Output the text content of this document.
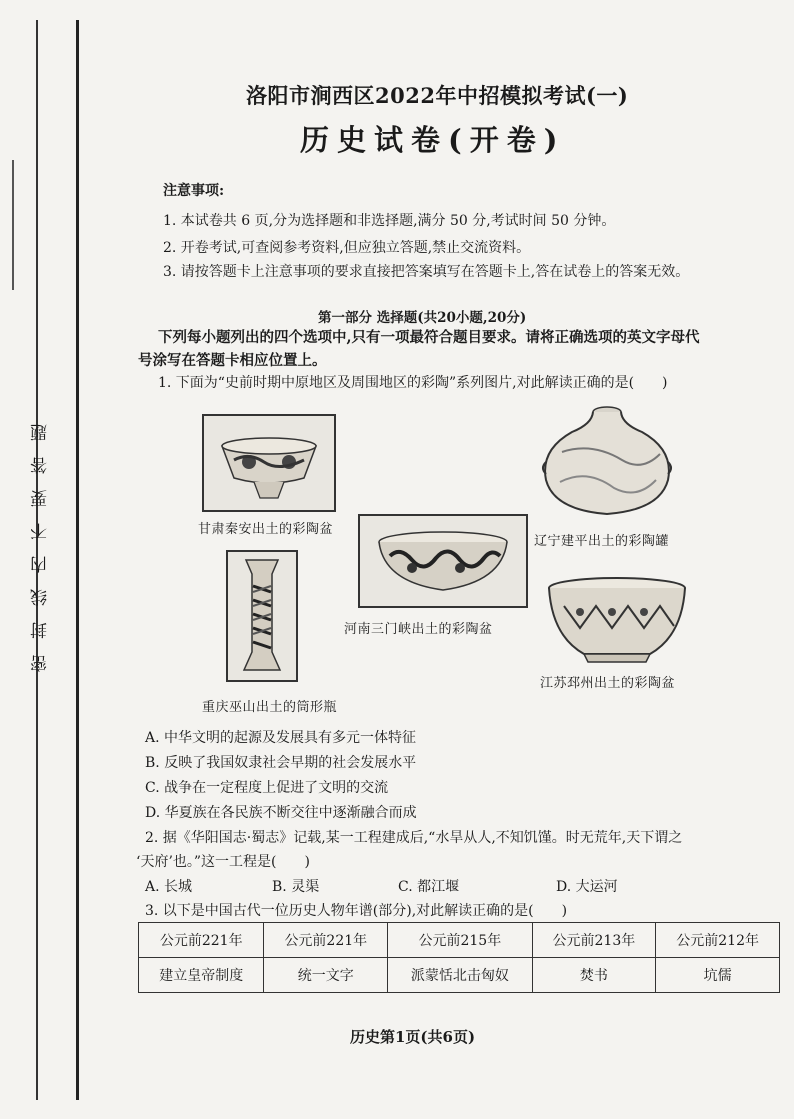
密封线内不要答题
洛阳市涧西区2022年中招模拟考试(一)
历史试卷(开卷)
注意事项:
1. 本试卷共 6 页,分为选择题和非选择题,满分 50 分,考试时间 50 分钟。
2. 开卷考试,可查阅参考资料,但应独立答题,禁止交流资料。
3. 请按答题卡上注意事项的要求直接把答案填写在答题卡上,答在试卷上的答案无效。
第一部分 选择题(共20小题,20分)
下列每小题列出的四个选项中,只有一项最符合题目要求。请将正确选项的英文字母代
号涂写在答题卡相应位置上。
1. 下面为“史前时期中原地区及周围地区的彩陶”系列图片,对此解读正确的是(　　)
甘肃秦安出土的彩陶盆
辽宁建平出土的彩陶罐
河南三门峡出土的彩陶盆
重庆巫山出土的筒形瓶
江苏邳州出土的彩陶盆
A. 中华文明的起源及发展具有多元一体特征
B. 反映了我国奴隶社会早期的社会发展水平
C. 战争在一定程度上促进了文明的交流
D. 华夏族在各民族不断交往中逐渐融合而成
2. 据《华阳国志·蜀志》记载,某一工程建成后,“水旱从人,不知饥馑。时无荒年,天下谓之
‘天府’也。”这一工程是(　　)
A. 长城	B. 灵渠	C. 都江堰	D. 大运河
3. 以下是中国古代一位历史人物年谱(部分),对此解读正确的是(　　)
公元前221年	公元前221年	公元前215年	公元前213年	公元前212年
建立皇帝制度	统一文字	派蒙恬北击匈奴	焚书	坑儒
历史第1页(共6页)
